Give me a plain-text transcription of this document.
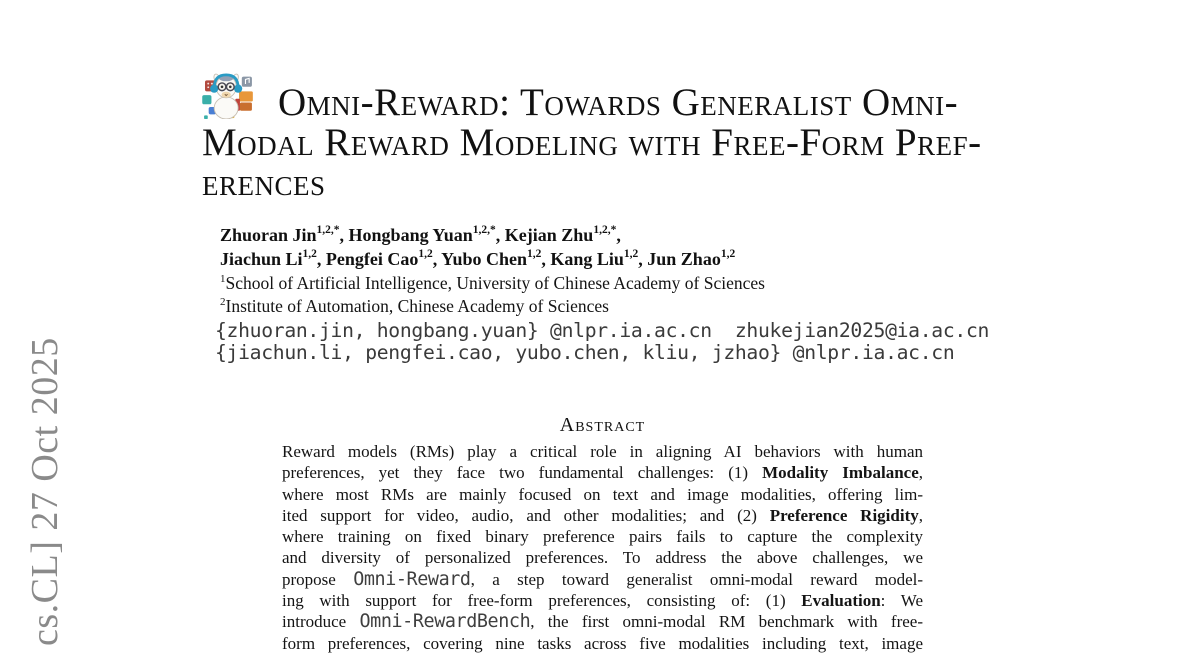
cs.CL] 27 Oct 2025
Omni-Reward: Towards Generalist Omni-
Modal Reward Modeling with Free-Form Pref-
erences
Zhuoran Jin$^{1,2,*}$, Hongbang Yuan$^{1,2,*}$, Kejian Zhu$^{1,2,*}$,
Jiachun Li$^{1,2}$, Pengfei Cao$^{1,2}$, Yubo Chen$^{1,2}$, Kang Liu$^{1,2}$, Jun Zhao$^{1,2}$
$^1$School of Artificial Intelligence, University of Chinese Academy of Sciences
$^2$Institute of Automation, Chinese Academy of Sciences
{zhuoran.jin, hongbang.yuan} @nlpr.ia.ac.cn  zhukejian2025@ia.ac.cn
{jiachun.li, pengfei.cao, yubo.chen, kliu, jzhao} @nlpr.ia.ac.cn
Abstract
Reward models (RMs) play a critical role in aligning AI behaviors with human
preferences, yet they face two fundamental challenges: (1) Modality Imbalance,
where most RMs are mainly focused on text and image modalities, offering lim-
ited support for video, audio, and other modalities; and (2) Preference Rigidity,
where training on fixed binary preference pairs fails to capture the complexity
and diversity of personalized preferences. To address the above challenges, we
propose Omni-Reward, a step toward generalist omni-modal reward model-
ing with support for free-form preferences, consisting of: (1) Evaluation: We
introduce Omni-RewardBench, the first omni-modal RM benchmark with free-
form preferences, covering nine tasks across five modalities including text, image
